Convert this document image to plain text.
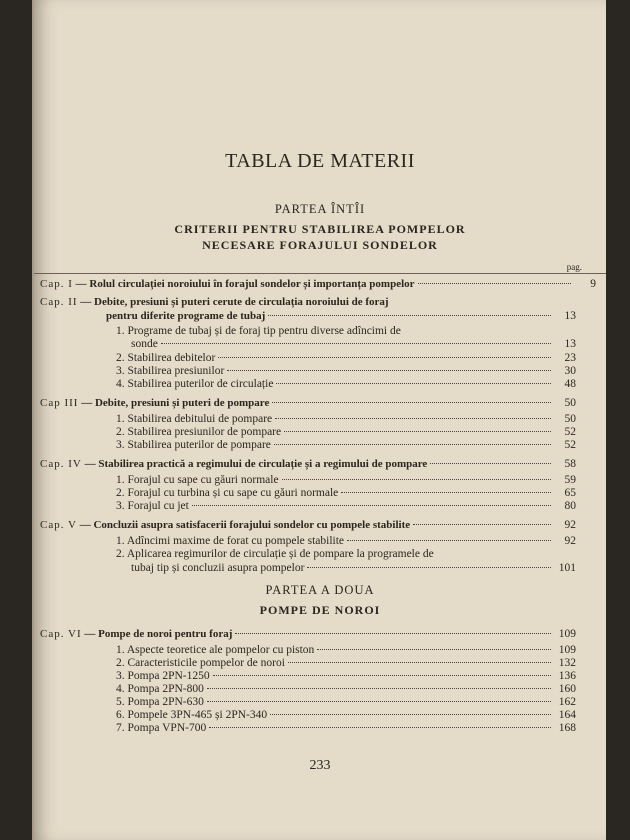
TABLA DE MATERII
PARTEA ÎNTÎI
CRITERII PENTRU STABILIREA POMPELOR
NECESARE FORAJULUI SONDELOR
pag.
Cap. I — Rolul circulației noroiului în forajul sondelor și importanța pompelor	9
Cap. II — Debite, presiuni și puteri cerute de circulația noroiului de foraj
pentru diferite programe de tubaj	13
1. Programe de tubaj și de foraj tip pentru diverse adîncimi de
sonde	13
2. Stabilirea debitelor	23
3. Stabilirea presiunilor	30
4. Stabilirea puterilor de circulație	48
Cap III — Debite, presiuni și puteri de pompare	50
1. Stabilirea debitului de pompare	50
2. Stabilirea presiunilor de pompare	52
3. Stabilirea puterilor de pompare	52
Cap. IV — Stabilirea practică a regimului de circulație și a regimului de pompare	58
1. Forajul cu sape cu găuri normale	59
2. Forajul cu turbina și cu sape cu găuri normale	65
3. Forajul cu jet	80
Cap. V — Concluzii asupra satisfacerii forajului sondelor cu pompele stabilite	92
1. Adîncimi maxime de forat cu pompele stabilite	92
2. Aplicarea regimurilor de circulație și de pompare la programele de
tubaj tip și concluzii asupra pompelor	101
PARTEA A DOUA
POMPE DE NOROI
Cap. VI — Pompe de noroi pentru foraj	109
1. Aspecte teoretice ale pompelor cu piston	109
2. Caracteristicile pompelor de noroi	132
3. Pompa 2PN-1250	136
4. Pompa 2PN-800	160
5. Pompa 2PN-630	162
6. Pompele 3PN-465 și 2PN-340	164
7. Pompa VPN-700	168
233
